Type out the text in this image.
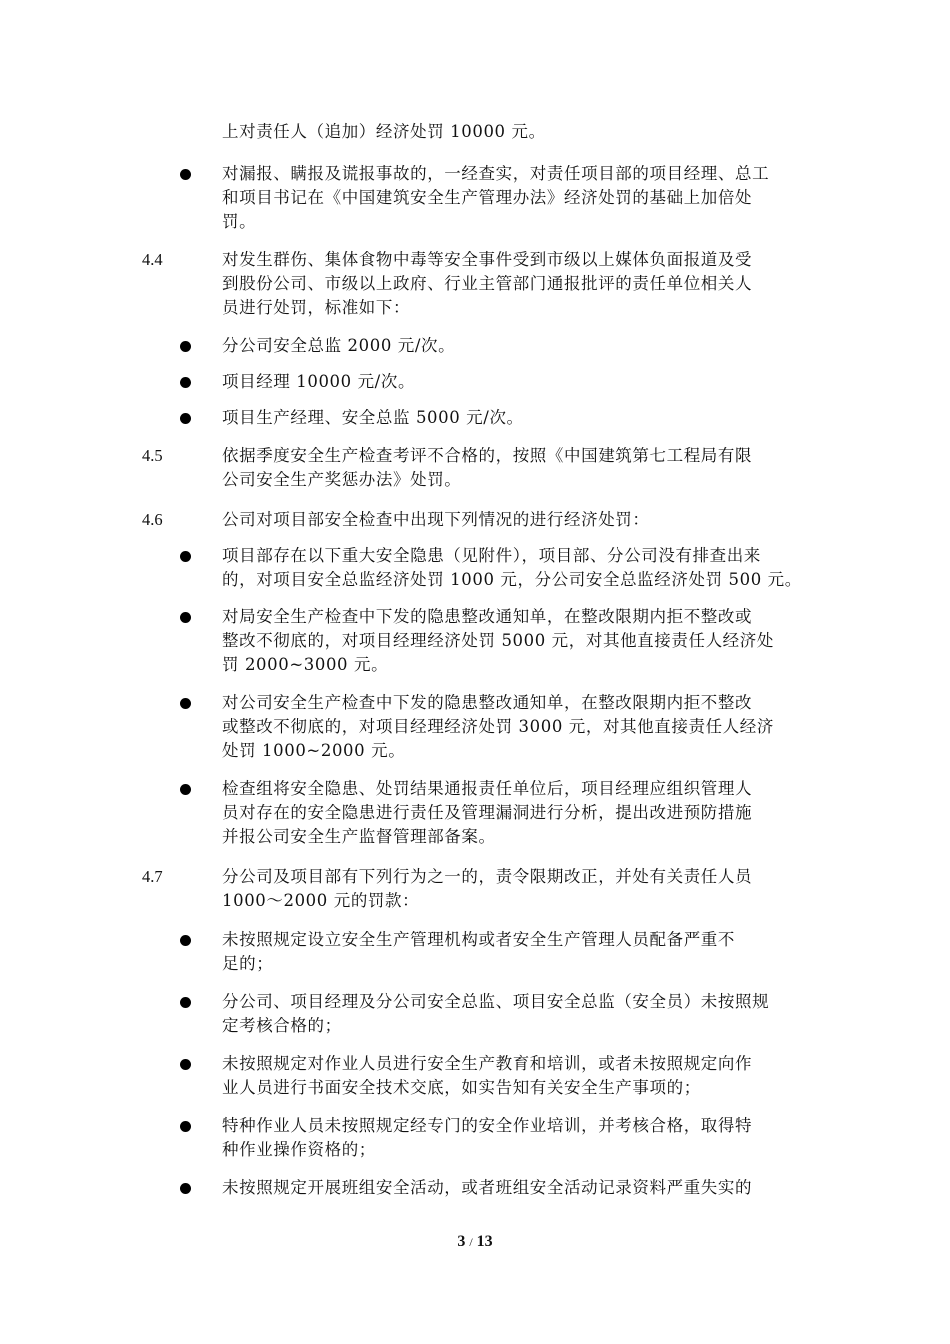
上对责任人（追加）经济处罚 10000 元。
对漏报、瞒报及谎报事故的，一经查实，对责任项目部的项目经理、总工
和项目书记在《中国建筑安全生产管理办法》经济处罚的基础上加倍处
罚。
4.4	对发生群伤、集体食物中毒等安全事件受到市级以上媒体负面报道及受
到股份公司、市级以上政府、行业主管部门通报批评的责任单位相关人
员进行处罚，标准如下：
分公司安全总监 2000 元/次。
项目经理 10000 元/次。
项目生产经理、安全总监 5000 元/次。
4.5	依据季度安全生产检查考评不合格的，按照《中国建筑第七工程局有限
公司安全生产奖惩办法》处罚。
4.6	公司对项目部安全检查中出现下列情况的进行经济处罚：
项目部存在以下重大安全隐患（见附件），项目部、分公司没有排查出来
的，对项目安全总监经济处罚 1000 元，分公司安全总监经济处罚 500 元。
对局安全生产检查中下发的隐患整改通知单，在整改限期内拒不整改或
整改不彻底的，对项目经理经济处罚 5000 元，对其他直接责任人经济处
罚 2000~3000 元。
对公司安全生产检查中下发的隐患整改通知单，在整改限期内拒不整改
或整改不彻底的，对项目经理经济处罚 3000 元，对其他直接责任人经济
处罚 1000~2000 元。
检查组将安全隐患、处罚结果通报责任单位后，项目经理应组织管理人
员对存在的安全隐患进行责任及管理漏洞进行分析，提出改进预防措施
并报公司安全生产监督管理部备案。
4.7	分公司及项目部有下列行为之一的，责令限期改正，并处有关责任人员
1000～2000 元的罚款：
未按照规定设立安全生产管理机构或者安全生产管理人员配备严重不
足的；
分公司、项目经理及分公司安全总监、项目安全总监（安全员）未按照规
定考核合格的；
未按照规定对作业人员进行安全生产教育和培训，或者未按照规定向作
业人员进行书面安全技术交底，如实告知有关安全生产事项的；
特种作业人员未按照规定经专门的安全作业培训，并考核合格，取得特
种作业操作资格的；
未按照规定开展班组安全活动，或者班组安全活动记录资料严重失实的
3 / 13
